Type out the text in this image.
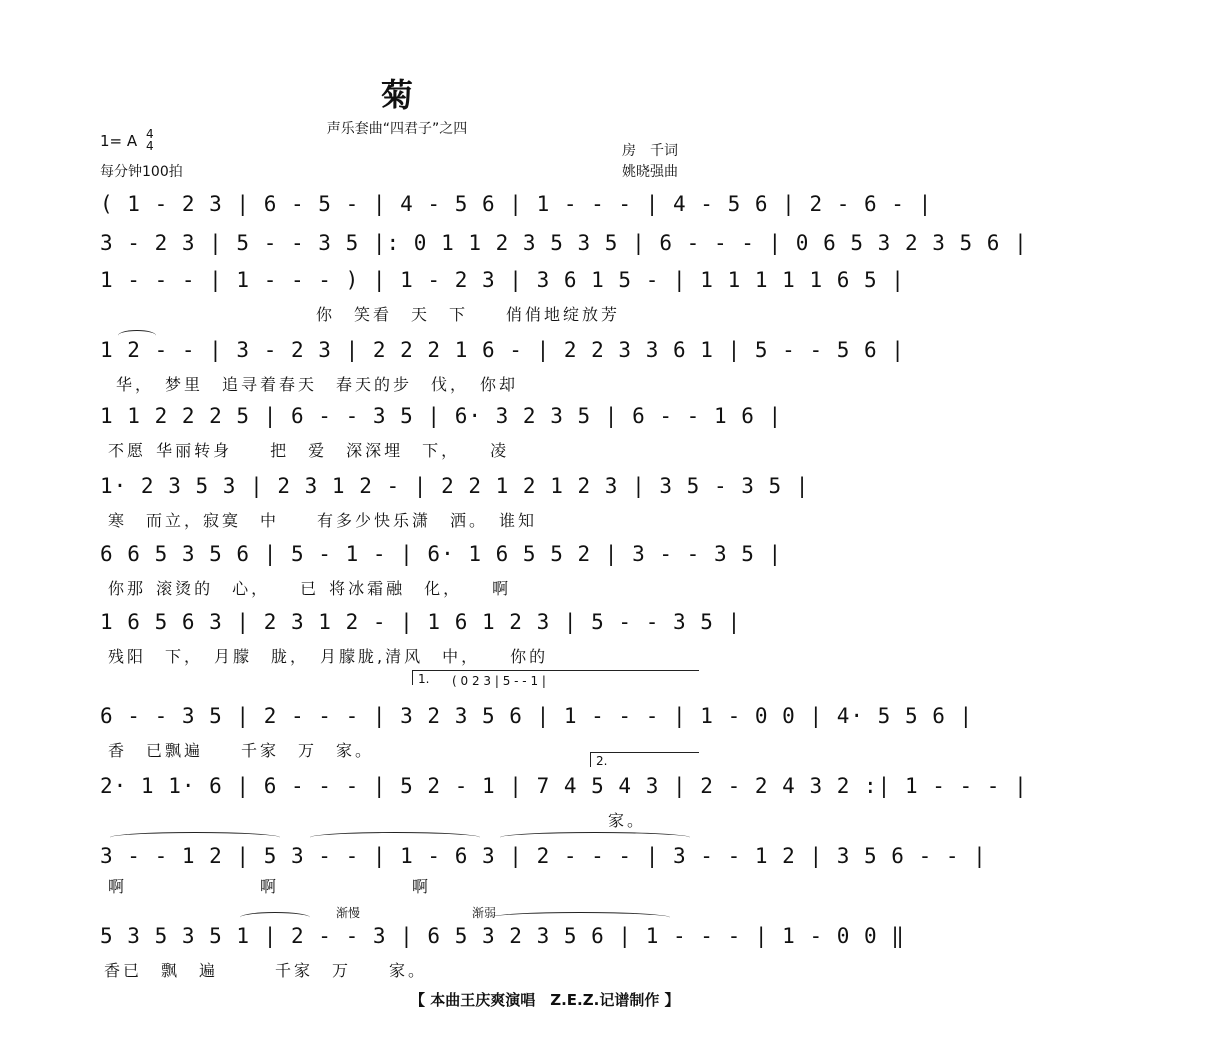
菊
声乐套曲“四君子”之四
1= A 4
4
每分钟100拍
房　千词
姚晓强曲
( 1 - 2 3 | 6 - 5 - | 4 - 5 6 | 1 - - - | 4 - 5 6 | 2 - 6 - |
3 - 2 3 | 5 - - 3 5 |: 0 1 1 2 3 5 3 5 | 6 - - - | 0 6 5 3 2 3 5 6 |
1 - - - | 1 - - - ) | 1 - 2 3 | 3 6 1 5 - | 1 1 1 1 1 6 5 |
你　笑看　天　下　　俏俏地绽放芳
1 2 - - | 3 - 2 3 | 2 2 2 1 6 - | 2 2 3 3 6 1 | 5 - - 5 6 |
华，　梦里　追寻着春天　春天的步　伐，　你却
1 1 2 2 2 5 | 6 - - 3 5 | 6· 3 2 3 5 | 6 - - 1 6 |
不愿 华丽转身　　把　爱　深深埋　下，　　凌
1· 2 3 5 3 | 2 3 1 2 - | 2 2 1 2 1 2 3 | 3 5 - 3 5 |
寒　而立，寂寞　中　　有多少快乐潇　洒。　谁知
6 6 5 3 5 6 | 5 - 1 - | 6· 1 6 5 5 2 | 3 - - 3 5 |
你那 滚烫的　心，　　已 将冰霜融　化，　　啊
1 6 5 6 3 | 2 3 1 2 - | 1 6 1 2 3 | 5 - - 3 5 |
残阳　下，　月朦　胧，　月朦胧,清风　中，　　你的
1. ( 0 2 3 | 5 - - 1 |
6 - - 3 5 | 2 - - - | 3 2 3 5 6 | 1 - - - | 1 - 0 0 | 4· 5 5 6 |
香　已飘遍　　千家　万　家。
2.
2· 1 1· 6 | 6 - - - | 5 2 - 1 | 7 4 5 4 3 | 2 - 2 4 3 2 :| 1 - - - |
家。
3 - - 1 2 | 5 3 - - | 1 - 6 3 | 2 - - - | 3 - - 1 2 | 3 5 6 - - |
啊　　　　　　　啊　　　　　　　啊
渐慢	渐弱
5 3 5 3 5 1 | 2 - - 3 | 6 5 3 2 3 5 6 | 1 - - - | 1 - 0 0 ‖
香已　飘　遍　　　千家　万　　家。
【 本曲王庆爽演唱　Z.E.Z.记谱制作 】
